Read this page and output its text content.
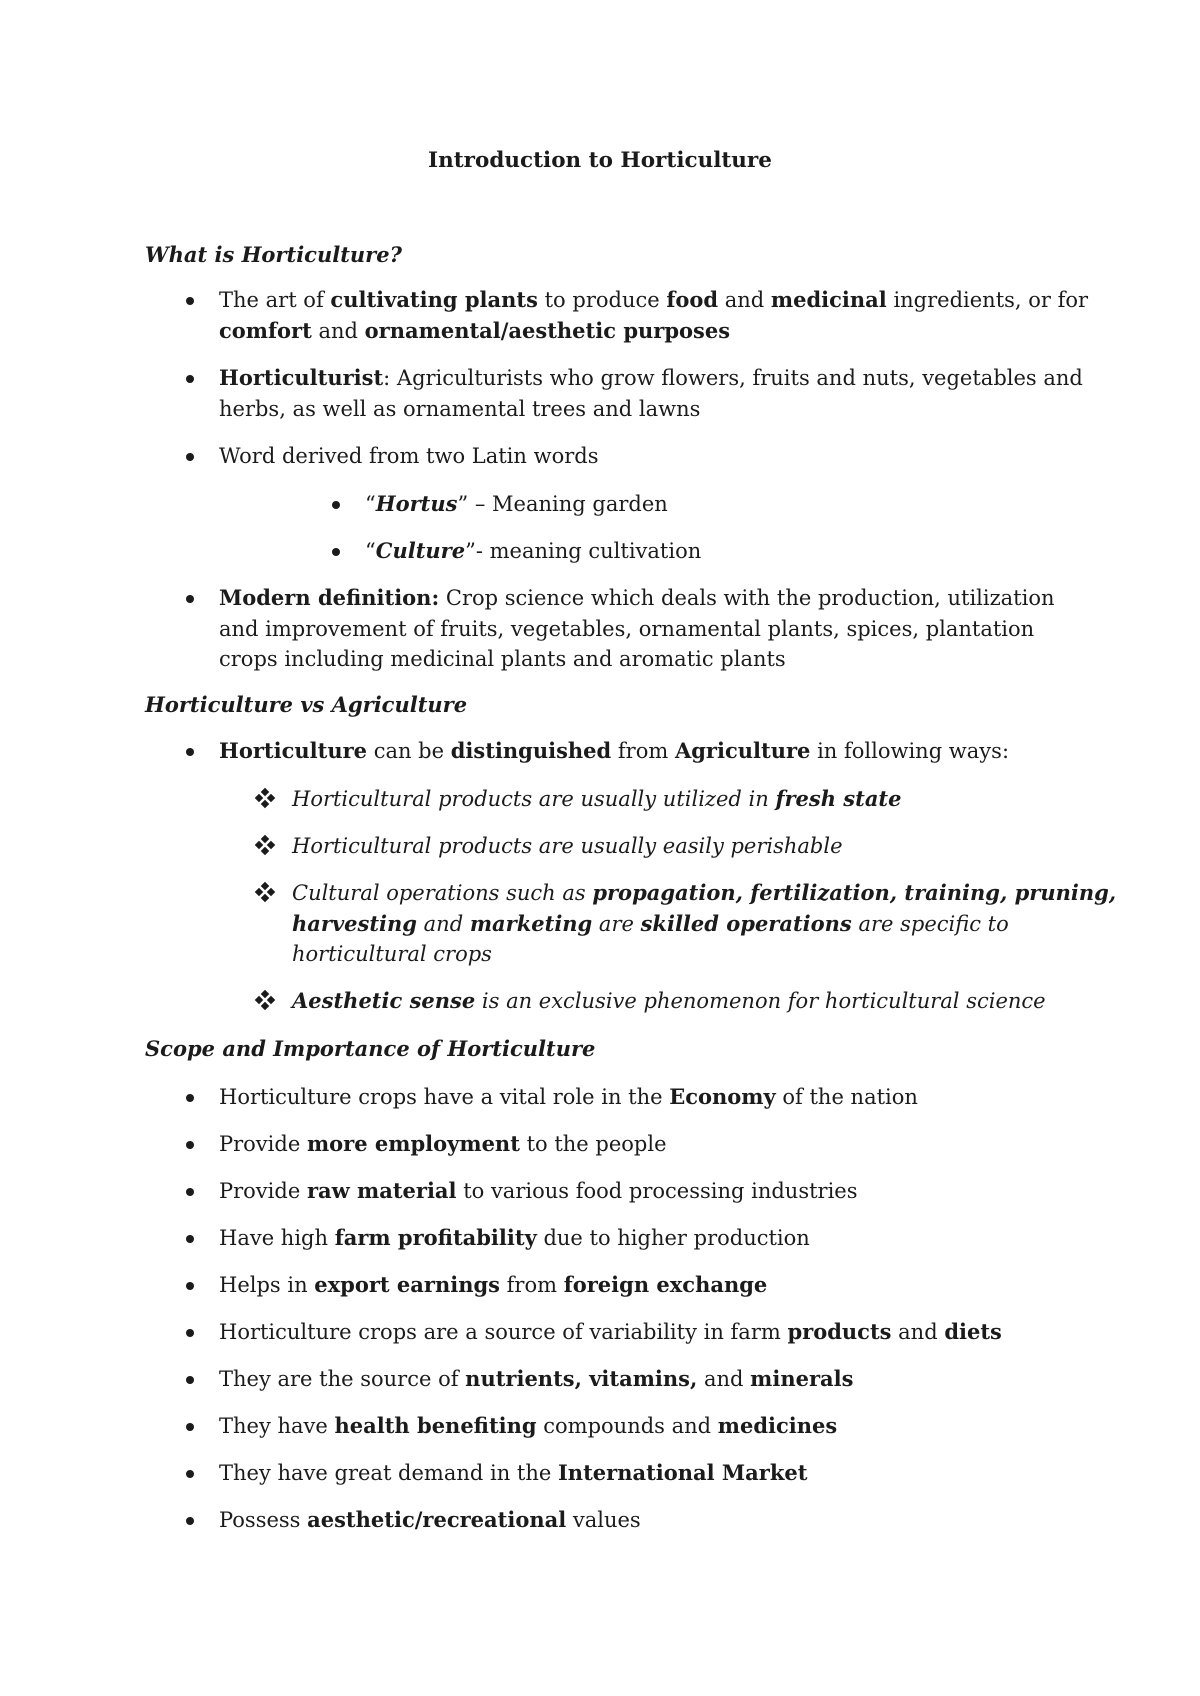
Introduction to Horticulture
What is Horticulture?
The art of cultivating plants to produce food and medicinal ingredients, or for
comfort and ornamental/aesthetic purposes
Horticulturist: Agriculturists who grow flowers, fruits and nuts, vegetables and
herbs, as well as ornamental trees and lawns
Word derived from two Latin words
“Hortus” – Meaning garden
“Culture”- meaning cultivation
Modern definition: Crop science which deals with the production, utilization
and improvement of fruits, vegetables, ornamental plants, spices, plantation
crops including medicinal plants and aromatic plants
Horticulture vs Agriculture
Horticulture can be distinguished from Agriculture in following ways:
Horticultural products are usually utilized in fresh state
Horticultural products are usually easily perishable
Cultural operations such as propagation, fertilization, training, pruning,
harvesting and marketing are skilled operations are specific to
horticultural crops
Aesthetic sense is an exclusive phenomenon for horticultural science
Scope and Importance of Horticulture
Horticulture crops have a vital role in the Economy of the nation
Provide more employment to the people
Provide raw material to various food processing industries
Have high farm profitability due to higher production
Helps in export earnings from foreign exchange
Horticulture crops are a source of variability in farm products and diets
They are the source of nutrients, vitamins, and minerals
They have health benefiting compounds and medicines
They have great demand in the International Market
Possess aesthetic/recreational values
